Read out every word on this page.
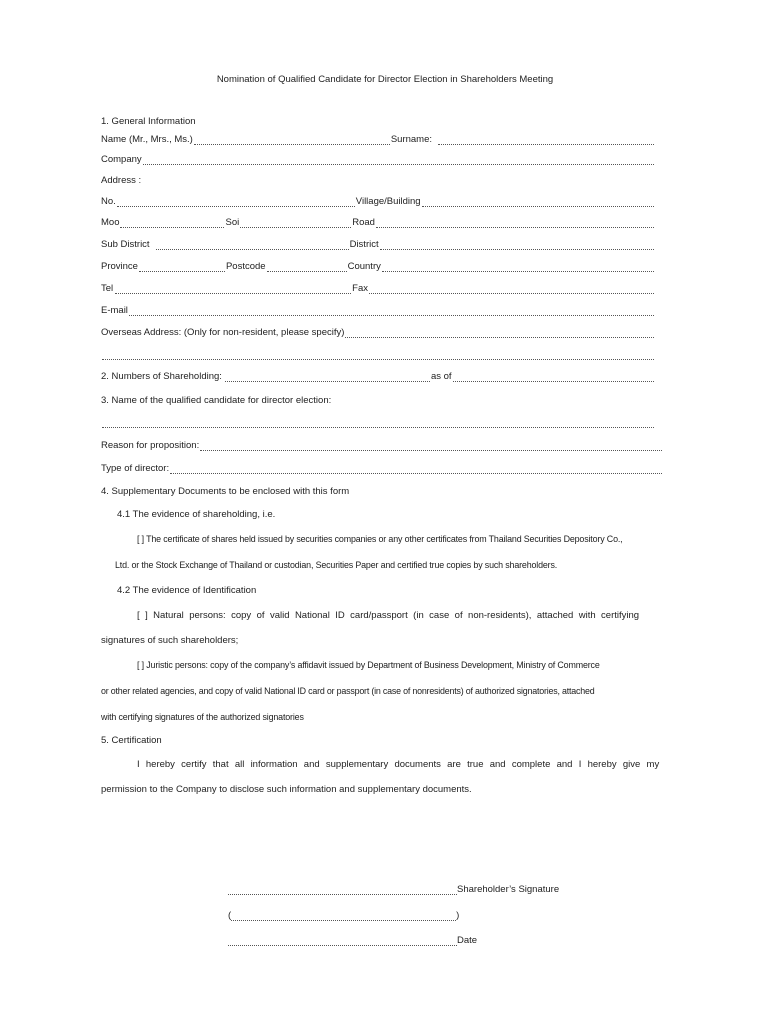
Nomination of Qualified Candidate for Director Election in Shareholders Meeting
1. General Information
Name (Mr., Mrs., Ms.)	Surname:
Company
Address :
No.	Village/Building
Moo	Soi	Road
Sub District	District
Province	Postcode	Country
Tel	Fax
E-mail
Overseas Address: (Only for non-resident, please specify)
2. Numbers of Shareholding:	as of
3. Name of the qualified candidate for director election:
Reason for proposition:
Type of director:
4. Supplementary Documents to be enclosed with this form
4.1 The evidence of shareholding, i.e.
[ ] The certificate of shares held issued by securities companies or any other certificates from Thailand Securities Depository Co.,
Ltd. or the Stock Exchange of Thailand or custodian, Securities Paper and certified true copies by such shareholders.
4.2 The evidence of Identification
[ ] Natural persons: copy of valid National ID card/passport (in case of non-residents), attached with certifying
signatures of such shareholders;
[ ] Juristic persons: copy of the company’s affidavit issued by Department of Business Development, Ministry of Commerce
or other related agencies, and copy of valid National ID card or passport (in case of nonresidents) of authorized signatories, attached
with certifying signatures of the authorized signatories
5. Certification
I hereby certify that all information and supplementary documents are true and complete and I hereby give my
permission to the Company to disclose such information and supplementary documents.
Shareholder’s Signature
(	)
Date
